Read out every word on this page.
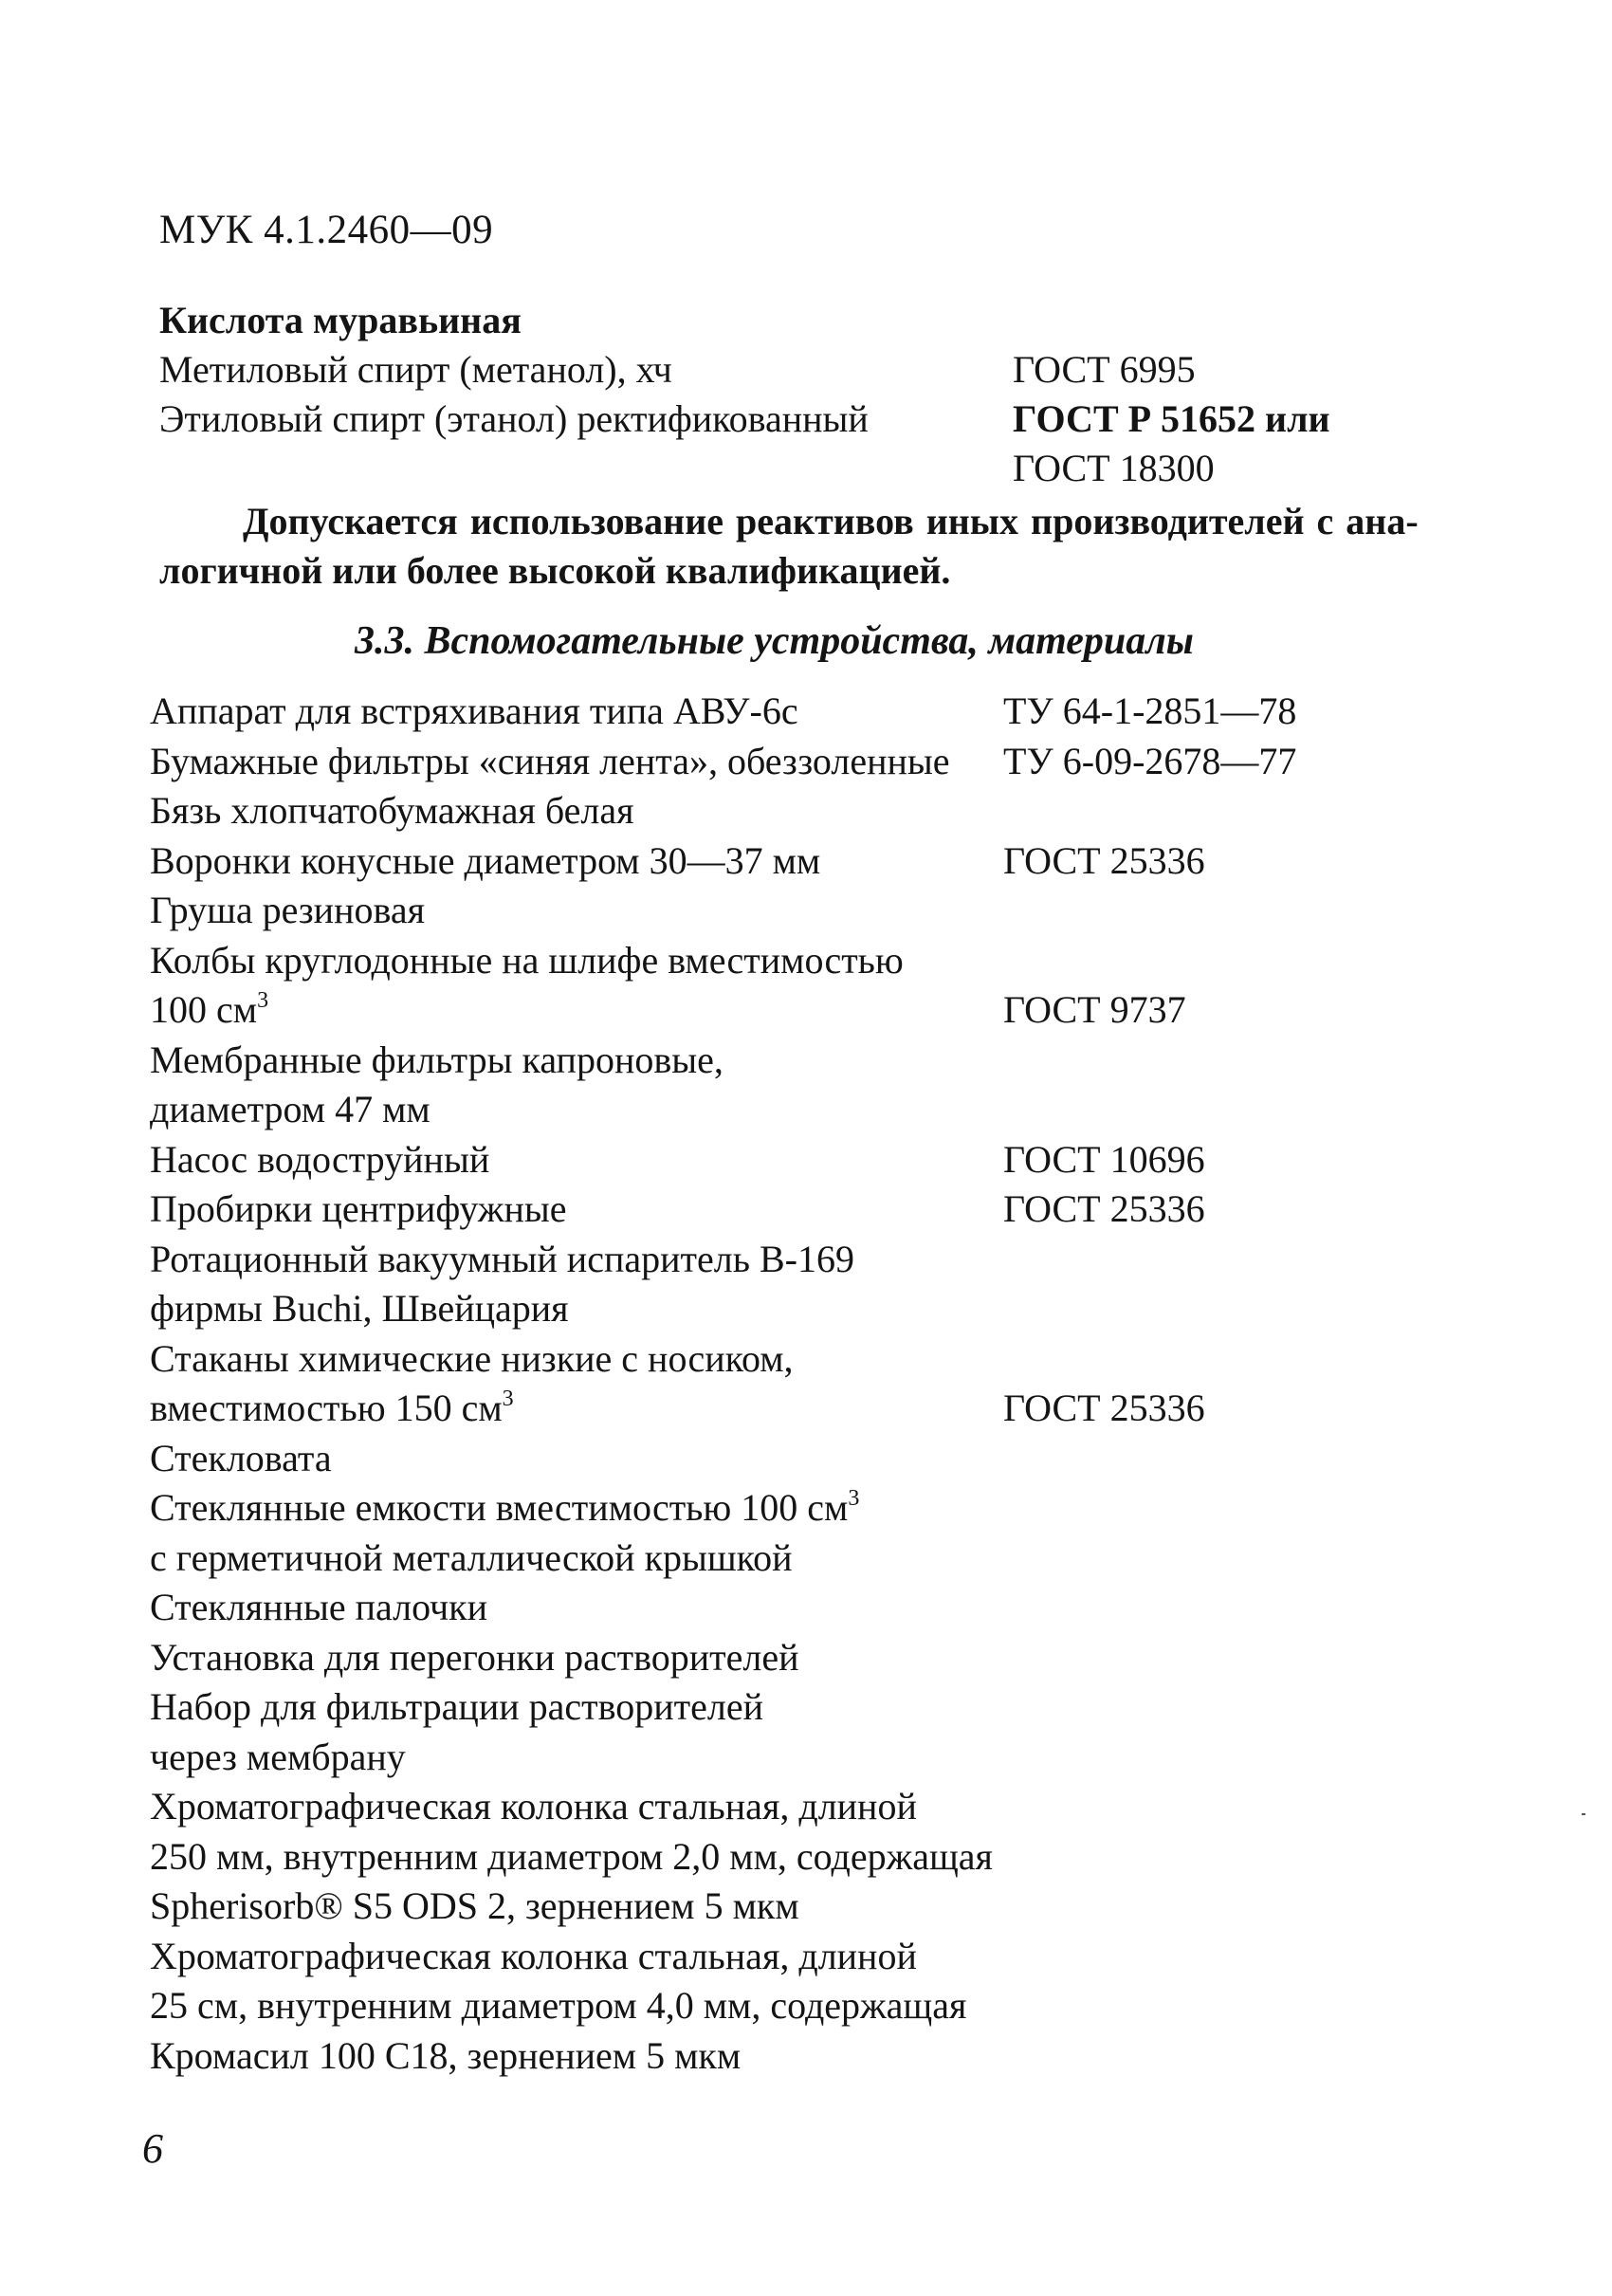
МУК 4.1.2460—09
Кислота муравьиная
Метиловый спирт (метанол), хч	ГОСТ 6995
Этиловый спирт (этанол) ректификованный	ГОСТ Р 51652 или
ГОСТ 18300
Допускается использование реактивов иных производителей с ана-
логичной или более высокой квалификацией.
3.3. Вспомогательные устройства, материалы
Аппарат для встряхивания типа АВУ-6с	ТУ 64-1-2851—78
Бумажные фильтры «синяя лента», обеззоленные	ТУ 6-09-2678—77
Бязь хлопчатобумажная белая
Воронки конусные диаметром 30—37 мм	ГОСТ 25336
Груша резиновая
Колбы круглодонные на шлифе вместимостью
100 $см^3$	ГОСТ 9737
Мембранные фильтры капроновые,
диаметром 47 мм
Насос водоструйный	ГОСТ 10696
Пробирки центрифужные	ГОСТ 25336
Ротационный вакуумный испаритель В-169
фирмы Buchi, Швейцария
Стаканы химические низкие с носиком,
вместимостью 150 $см^3$	ГОСТ 25336
Стекловата
Стеклянные емкости вместимостью 100 $см^3$
с герметичной металлической крышкой
Стеклянные палочки
Установка для перегонки растворителей
Набор для фильтрации растворителей
через мембрану
Хроматографическая колонка стальная, длиной
250 мм, внутренним диаметром 2,0 мм, содержащая
Spherisorb® S5 ODS 2, зернением 5 мкм
Хроматографическая колонка стальная, длиной
25 см, внутренним диаметром 4,0 мм, содержащая
Кромасил 100 С18, зернением 5 мкм
6
